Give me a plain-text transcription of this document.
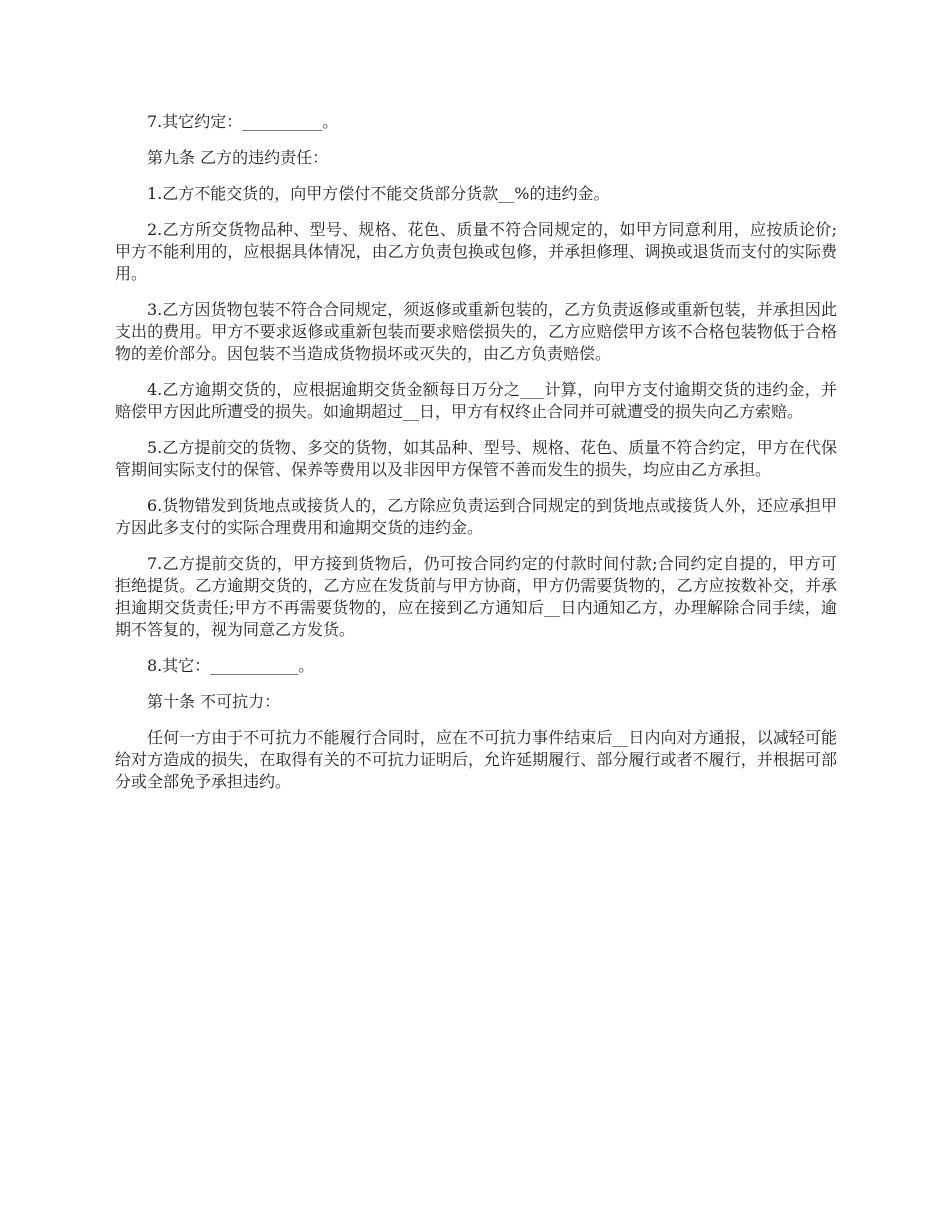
7.其它约定：__________。

第九条 乙方的违约责任：

1.乙方不能交货的，向甲方偿付不能交货部分货款__%的违约金。

2.乙方所交货物品种、型号、规格、花色、质量不符合同规定的，如甲方同意利用，应按质论价;甲方不能利用的，应根据具体情况，由乙方负责包换或包修，并承担修理、调换或退货而支付的实际费用。

3.乙方因货物包装不符合合同规定，须返修或重新包装的，乙方负责返修或重新包装，并承担因此支出的费用。甲方不要求返修或重新包装而要求赔偿损失的，乙方应赔偿甲方该不合格包装物低于合格物的差价部分。因包装不当造成货物损坏或灭失的，由乙方负责赔偿。

4.乙方逾期交货的，应根据逾期交货金额每日万分之___计算，向甲方支付逾期交货的违约金，并赔偿甲方因此所遭受的损失。如逾期超过__日，甲方有权终止合同并可就遭受的损失向乙方索赔。

5.乙方提前交的货物、多交的货物，如其品种、型号、规格、花色、质量不符合约定，甲方在代保管期间实际支付的保管、保养等费用以及非因甲方保管不善而发生的损失，均应由乙方承担。

6.货物错发到货地点或接货人的，乙方除应负责运到合同规定的到货地点或接货人外，还应承担甲方因此多支付的实际合理费用和逾期交货的违约金。

7.乙方提前交货的，甲方接到货物后，仍可按合同约定的付款时间付款;合同约定自提的，甲方可拒绝提货。乙方逾期交货的，乙方应在发货前与甲方协商，甲方仍需要货物的，乙方应按数补交，并承担逾期交货责任;甲方不再需要货物的，应在接到乙方通知后__日内通知乙方，办理解除合同手续，逾期不答复的，视为同意乙方发货。

8.其它：___________。

第十条 不可抗力：

任何一方由于不可抗力不能履行合同时，应在不可抗力事件结束后__日内向对方通报，以减轻可能给对方造成的损失，在取得有关的不可抗力证明后，允许延期履行、部分履行或者不履行，并根据可部分或全部免予承担违约。
